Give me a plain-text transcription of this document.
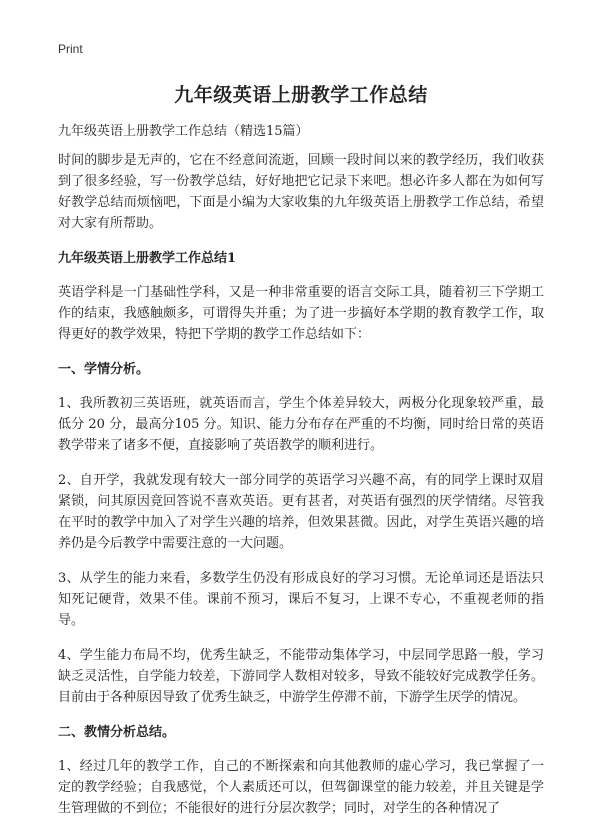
Print
九年级英语上册教学工作总结
九年级英语上册教学工作总结（精选15篇）

时间的脚步是无声的，它在不经意间流逝，回顾一段时间以来的教学经历，我们收获到了很多经验，写一份教学总结，好好地把它记录下来吧。想必许多人都在为如何写好教学总结而烦恼吧，下面是小编为大家收集的九年级英语上册教学工作总结，希望对大家有所帮助。

九年级英语上册教学工作总结1

英语学科是一门基础性学科，又是一种非常重要的语言交际工具，随着初三下学期工作的结束，我感触颇多，可谓得失并重；为了进一步搞好本学期的教育教学工作，取得更好的教学效果，特把下学期的教学工作总结如下：

一、学情分析。

1、我所教初三英语班，就英语而言，学生个体差异较大，两极分化现象较严重，最低分 20 分，最高分105 分。知识、能力分布存在严重的不均衡，同时给日常的英语教学带来了诸多不便，直接影响了英语教学的顺利进行。

2、自开学，我就发现有较大一部分同学的英语学习兴趣不高，有的同学上课时双眉紧锁，问其原因竟回答说不喜欢英语。更有甚者，对英语有强烈的厌学情绪。尽管我在平时的教学中加入了对学生兴趣的培养，但效果甚微。因此，对学生英语兴趣的培养仍是今后教学中需要注意的一大问题。

3、从学生的能力来看，多数学生仍没有形成良好的学习习惯。无论单词还是语法只知死记硬背，效果不佳。课前不预习，课后不复习，上课不专心，不重视老师的指导。

4、学生能力布局不均，优秀生缺乏，不能带动集体学习，中层同学思路一般，学习缺乏灵活性，自学能力较差，下游同学人数相对较多，导致不能较好完成教学任务。目前由于各种原因导致了优秀生缺乏，中游学生停滞不前，下游学生厌学的情况。

二、教情分析总结。

1、经过几年的教学工作，自己的不断探索和向其他教师的虚心学习，我已掌握了一定的教学经验；自我感觉，个人素质还可以，但驾御课堂的能力较差，并且关键是学生管理做的不到位；不能很好的进行分层次教学；同时，对学生的各种情况了
